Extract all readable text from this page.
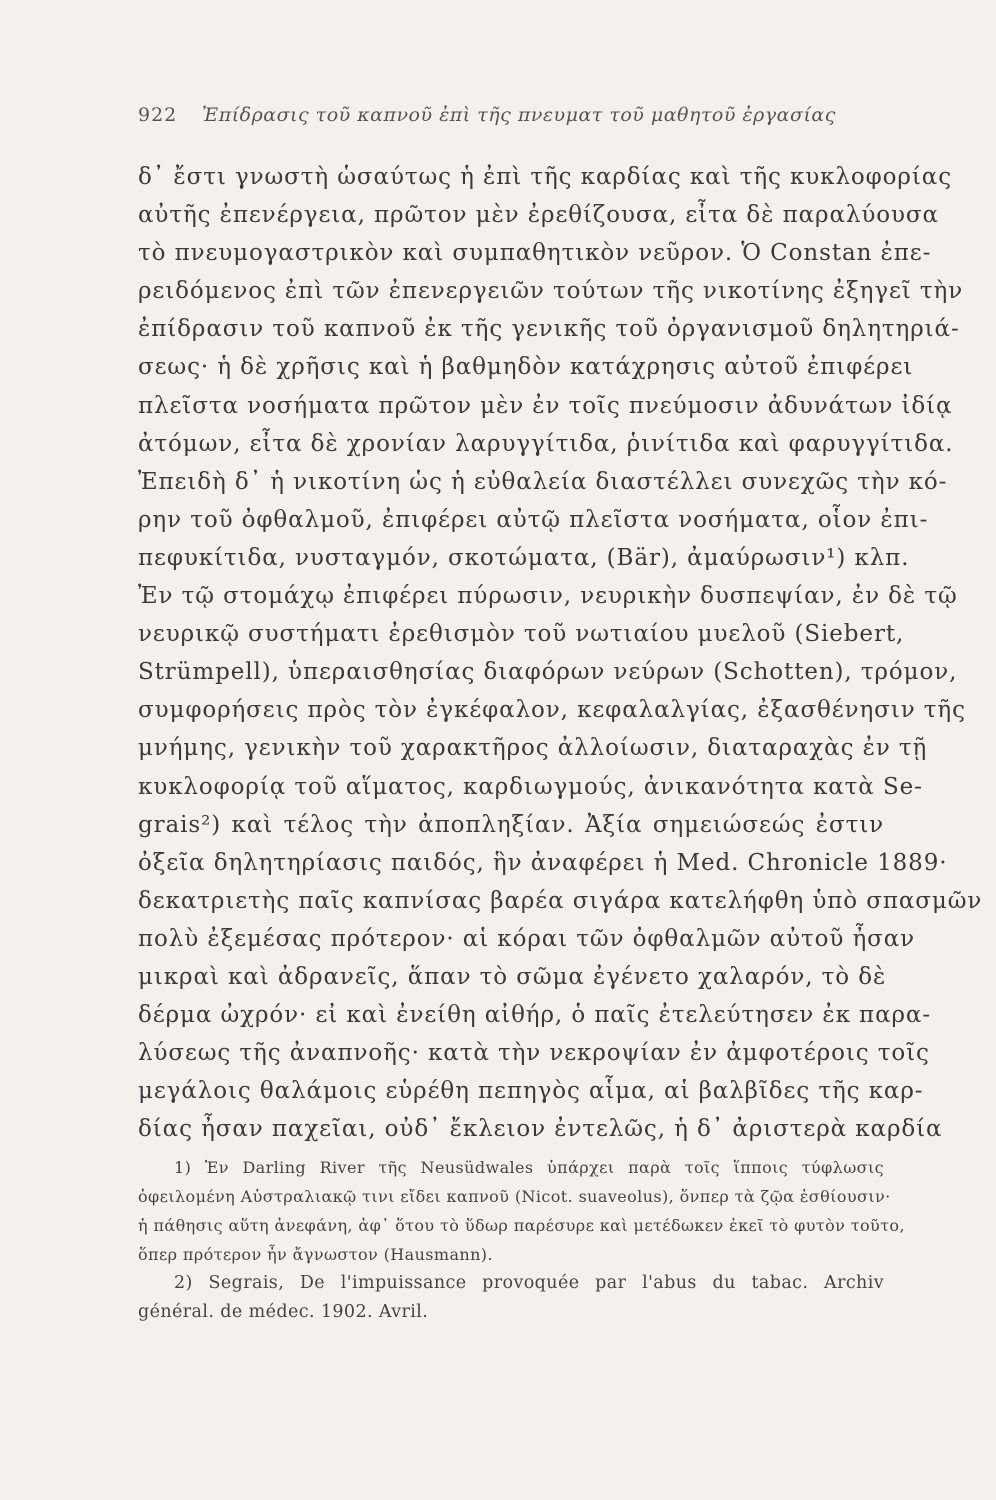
922 Ἐπίδρασις τοῦ καπνοῦ ἐπὶ τῆς πνευματ τοῦ μαθητοῦ ἐργασίας
δ᾽ ἔστι γνωστὴ ὡσαύτως ἡ ἐπὶ τῆς καρδίας καὶ τῆς κυκλοφορίας
αὐτῆς ἐπενέργεια, πρῶτον μὲν ἐρεθίζουσα, εἶτα δὲ παραλύουσα
τὸ πνευμογαστρικὸν καὶ συμπαθητικὸν νεῦρον. Ὁ Constan ἐπε-
ρειδόμενος ἐπὶ τῶν ἐπενεργειῶν τούτων τῆς νικοτίνης ἐξηγεῖ τὴν
ἐπίδρασιν τοῦ καπνοῦ ἐκ τῆς γενικῆς τοῦ ὀργανισμοῦ δηλητηριά-
σεως· ἡ δὲ χρῆσις καὶ ἡ βαθμηδὸν κατάχρησις αὐτοῦ ἐπιφέρει
πλεῖστα νοσήματα πρῶτον μὲν ἐν τοῖς πνεύμοσιν ἀδυνάτων ἰδίᾳ
ἀτόμων, εἶτα δὲ χρονίαν λαρυγγίτιδα, ῥινίτιδα καὶ φαρυγγίτιδα.
Ἐπειδὴ δ᾽ ἡ νικοτίνη ὡς ἡ εὐθαλεία διαστέλλει συνεχῶς τὴν κό-
ρην τοῦ ὀφθαλμοῦ, ἐπιφέρει αὐτῷ πλεῖστα νοσήματα, οἷον ἐπι-
πεφυκίτιδα, νυσταγμόν, σκοτώματα, (Bär), ἀμαύρωσιν¹) κλπ.
Ἐν τῷ στομάχῳ ἐπιφέρει πύρωσιν, νευρικὴν δυσπεψίαν, ἐν δὲ τῷ
νευρικῷ συστήματι ἐρεθισμὸν τοῦ νωτιαίου μυελοῦ (Siebert,
Strümpell), ὑπεραισθησίας διαφόρων νεύρων (Schotten), τρόμον,
συμφορήσεις πρὸς τὸν ἐγκέφαλον, κεφαλαλγίας, ἐξασθένησιν τῆς
μνήμης, γενικὴν τοῦ χαρακτῆρος ἀλλοίωσιν, διαταραχὰς ἐν τῇ
κυκλοφορίᾳ τοῦ αἵματος, καρδιωγμούς, ἀνικανότητα κατὰ Se-
grais²) καὶ τέλος τὴν ἀποπληξίαν. Ἀξία σημειώσεώς ἐστιν
ὀξεῖα δηλητηρίασις παιδός, ἣν ἀναφέρει ἡ Med. Chronicle 1889·
δεκατριετὴς παῖς καπνίσας βαρέα σιγάρα κατελήφθη ὑπὸ σπασμῶν
πολὺ ἐξεμέσας πρότερον· αἱ κόραι τῶν ὀφθαλμῶν αὐτοῦ ἦσαν
μικραὶ καὶ ἀδρανεῖς, ἅπαν τὸ σῶμα ἐγένετο χαλαρόν, τὸ δὲ
δέρμα ὠχρόν· εἰ καὶ ἐνείθη αἰθήρ, ὁ παῖς ἐτελεύτησεν ἐκ παρα-
λύσεως τῆς ἀναπνοῆς· κατὰ τὴν νεκροψίαν ἐν ἀμφοτέροις τοῖς
μεγάλοις θαλάμοις εὑρέθη πεπηγὸς αἷμα, αἱ βαλβῖδες τῆς καρ-
δίας ἦσαν παχεῖαι, οὐδ᾽ ἔκλειον ἐντελῶς, ἡ δ᾽ ἀριστερὰ καρδία
1) Ἐν Darling River τῆς Neusüdwales ὑπάρχει παρὰ τοῖς ἵπποις τύφλωσις
ὀφειλομένη Αὐστραλιακῷ τινι εἴδει καπνοῦ (Nicot. suaveolus), ὅνπερ τὰ ζῷα ἐσθίουσιν·
ἡ πάθησις αὕτη ἀνεφάνη, ἀφ᾽ ὅτου τὸ ὕδωρ παρέσυρε καὶ μετέδωκεν ἐκεῖ τὸ φυτὸν τοῦτο,
ὅπερ πρότερον ἦν ἄγνωστον (Hausmann).
2) Segrais, De l'impuissance provoquée par l'abus du tabac. Archiv
général. de médec. 1902. Avril.
